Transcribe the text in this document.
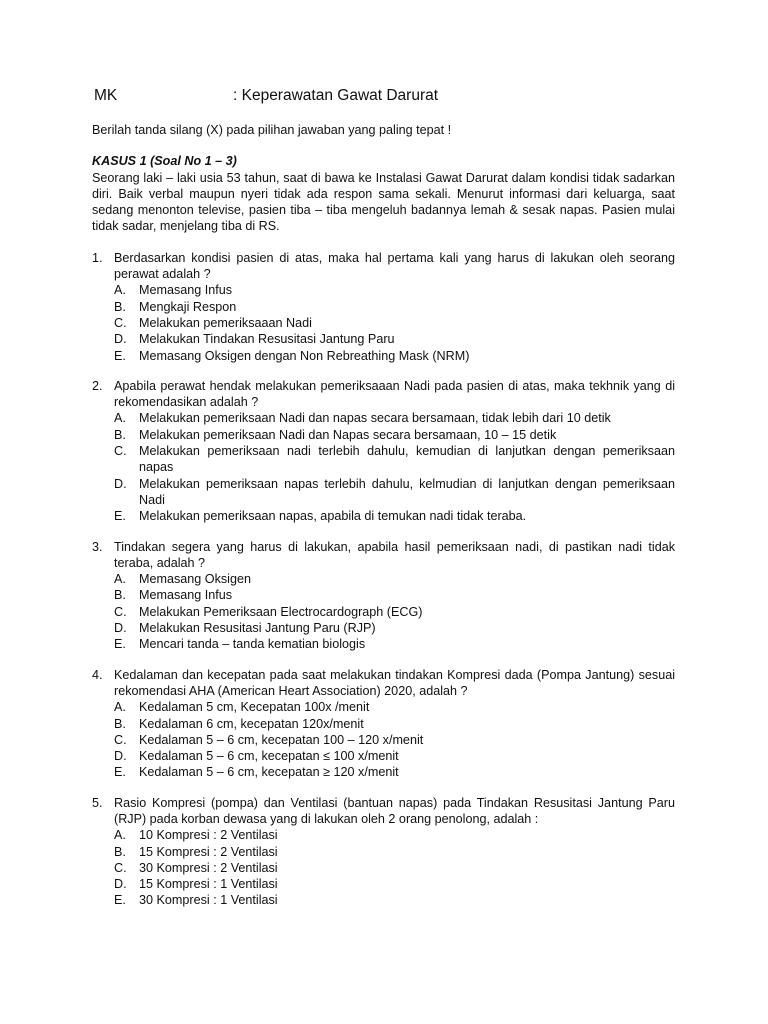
MK	: Keperawatan Gawat Darurat

Berilah tanda silang (X) pada pilihan jawaban yang paling tepat !

KASUS 1 (Soal No 1 – 3)

Seorang laki – laki usia 53 tahun, saat di bawa ke Instalasi Gawat Darurat dalam kondisi tidak sadarkan diri. Baik verbal maupun nyeri tidak ada respon sama sekali. Menurut informasi dari keluarga, saat sedang menonton televise, pasien tiba – tiba mengeluh badannya lemah & sesak napas. Pasien mulai tidak sadar, menjelang tiba di RS.

1. Berdasarkan kondisi pasien di atas, maka hal pertama kali yang harus di lakukan oleh seorang perawat adalah ?
A.	Memasang Infus
B.	Mengkaji Respon
C. Melakukan pemeriksaaan Nadi
D. Melakukan Tindakan Resusitasi Jantung Paru
E.	Memasang Oksigen dengan Non Rebreathing Mask (NRM)
2. Apabila perawat hendak melakukan pemeriksaaan Nadi pada pasien di atas, maka tekhnik yang di rekomendasikan adalah ?
A.	Melakukan pemeriksaan Nadi dan napas secara bersamaan, tidak lebih dari 10 detik
B.	Melakukan pemeriksaan Nadi dan Napas secara bersamaan, 10 – 15 detik
C. Melakukan pemeriksaan nadi terlebih dahulu, kemudian di lanjutkan dengan pemeriksaan napas
D. Melakukan pemeriksaan napas terlebih dahulu, kelmudian di lanjutkan dengan pemeriksaan Nadi
E.	Melakukan pemeriksaan napas, apabila di temukan nadi tidak teraba.
3. Tindakan segera yang harus di lakukan, apabila hasil pemeriksaan nadi, di pastikan nadi tidak teraba, adalah ?
A.	Memasang Oksigen
B.	Memasang Infus
C. Melakukan Pemeriksaan Electrocardograph (ECG)
D. Melakukan Resusitasi Jantung Paru (RJP)
E.	Mencari tanda – tanda kematian biologis
4. Kedalaman dan kecepatan pada saat melakukan tindakan Kompresi dada (Pompa Jantung) sesuai rekomendasi AHA (American Heart Association) 2020, adalah ?
A.	Kedalaman 5 cm, Kecepatan 100x /menit
B.	Kedalaman 6 cm, kecepatan 120x/menit
C. Kedalaman 5 – 6 cm, kecepatan 100 – 120 x/menit
D. Kedalaman 5 – 6 cm, kecepatan ≤ 100 x/menit
E.	Kedalaman 5 – 6 cm, kecepatan ≥ 120 x/menit
5. Rasio Kompresi (pompa) dan Ventilasi (bantuan napas) pada Tindakan Resusitasi Jantung Paru (RJP) pada korban dewasa yang di lakukan oleh 2 orang penolong, adalah :
A.	10 Kompresi : 2 Ventilasi
B.	15 Kompresi : 2 Ventilasi
C. 30 Kompresi : 2 Ventilasi
D. 15 Kompresi : 1 Ventilasi
E.	30 Kompresi : 1 Ventilasi
